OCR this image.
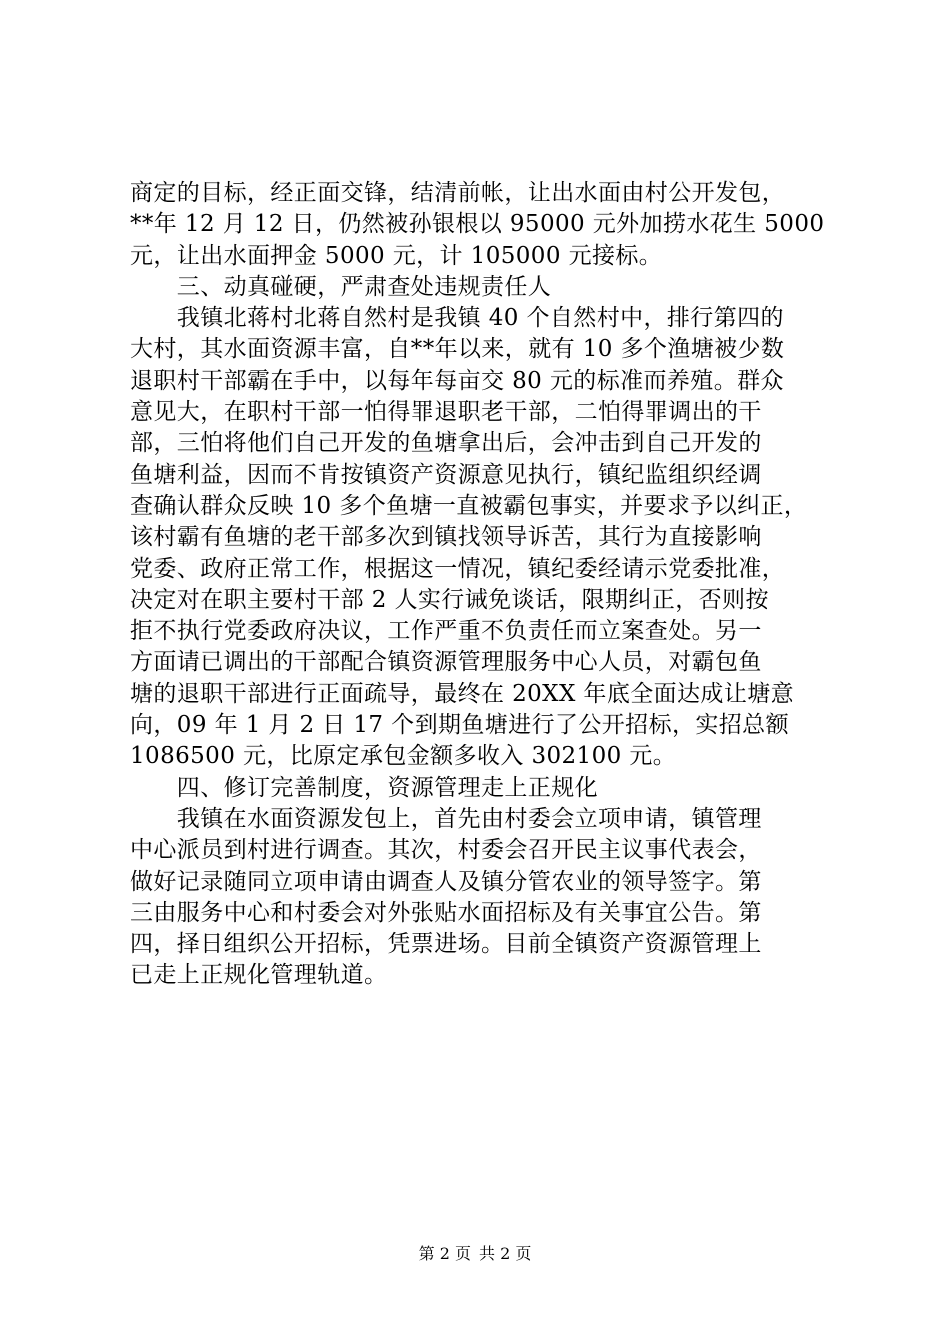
商定的目标，经正面交锋，结清前帐，让出水面由村公开发包，
**年 12 月 12 日，仍然被孙银根以 95000 元外加捞水花生 5000
元，让出水面押金 5000 元，计 105000 元接标。
　　三、动真碰硬，严肃查处违规责任人
　　我镇北蒋村北蒋自然村是我镇 40 个自然村中，排行第四的
大村，其水面资源丰富，自**年以来，就有 10 多个渔塘被少数
退职村干部霸在手中，以每年每亩交 80 元的标准而养殖。群众
意见大，在职村干部一怕得罪退职老干部，二怕得罪调出的干
部，三怕将他们自己开发的鱼塘拿出后，会冲击到自己开发的
鱼塘利益，因而不肯按镇资产资源意见执行，镇纪监组织经调
查确认群众反映 10 多个鱼塘一直被霸包事实，并要求予以纠正，
该村霸有鱼塘的老干部多次到镇找领导诉苦，其行为直接影响
党委、政府正常工作，根据这一情况，镇纪委经请示党委批准，
决定对在职主要村干部 2 人实行诫免谈话，限期纠正，否则按
拒不执行党委政府决议，工作严重不负责任而立案查处。另一
方面请已调出的干部配合镇资源管理服务中心人员，对霸包鱼
塘的退职干部进行正面疏导，最终在 20XX 年底全面达成让塘意
向，09 年 1 月 2 日 17 个到期鱼塘进行了公开招标，实招总额
1086500 元，比原定承包金额多收入 302100 元。
　　四、修订完善制度，资源管理走上正规化
　　我镇在水面资源发包上，首先由村委会立项申请，镇管理
中心派员到村进行调查。其次，村委会召开民主议事代表会，
做好记录随同立项申请由调查人及镇分管农业的领导签字。第
三由服务中心和村委会对外张贴水面招标及有关事宜公告。第
四，择日组织公开招标，凭票进场。目前全镇资产资源管理上
已走上正规化管理轨道。
第 2 页 共 2 页
